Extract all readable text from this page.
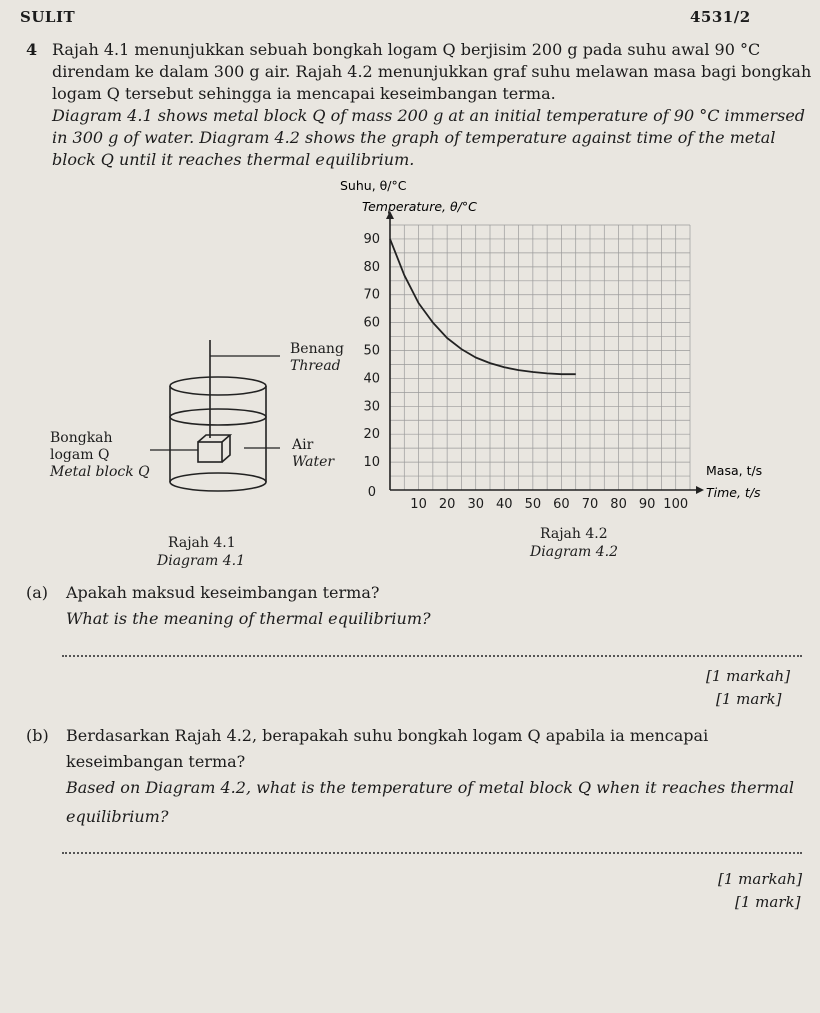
SULIT	4531/2
4 Rajah 4.1 menunjukkan sebuah bongkah logam Q berjisim 200 g pada suhu awal 90 °C
direndam ke dalam 300 g air. Rajah 4.2 menunjukkan graf suhu melawan masa bagi bongkah
logam Q tersebut sehingga ia mencapai keseimbangan terma.
Diagram 4.1 shows metal block Q of mass 200 g at an initial temperature of 90 °C immersed
in 300 g of water. Diagram 4.2 shows the graph of temperature against time of the metal
block Q until it reaches thermal equilibrium.
Benang
Thread
Bongkah
logam Q
Metal block Q
Air
Water
Rajah 4.1
Diagram 4.1
10 20 30 40 50 60 70 80 90 100
10
20
30
40
50
60
70
80
90
0
Suhu, θ/°C
Temperature, θ/°C
Masa, t/s
Time, t/s
Rajah 4.2
Diagram 4.2
(a) Apakah maksud keseimbangan terma?
What is the meaning of thermal equilibrium?
[1 markah]
[1 mark]
(b) Berdasarkan Rajah 4.2, berapakah suhu bongkah logam Q apabila ia mencapai
keseimbangan terma?
Based on Diagram 4.2, what is the temperature of metal block Q when it reaches thermal
equilibrium?
[1 markah]
[1 mark]
